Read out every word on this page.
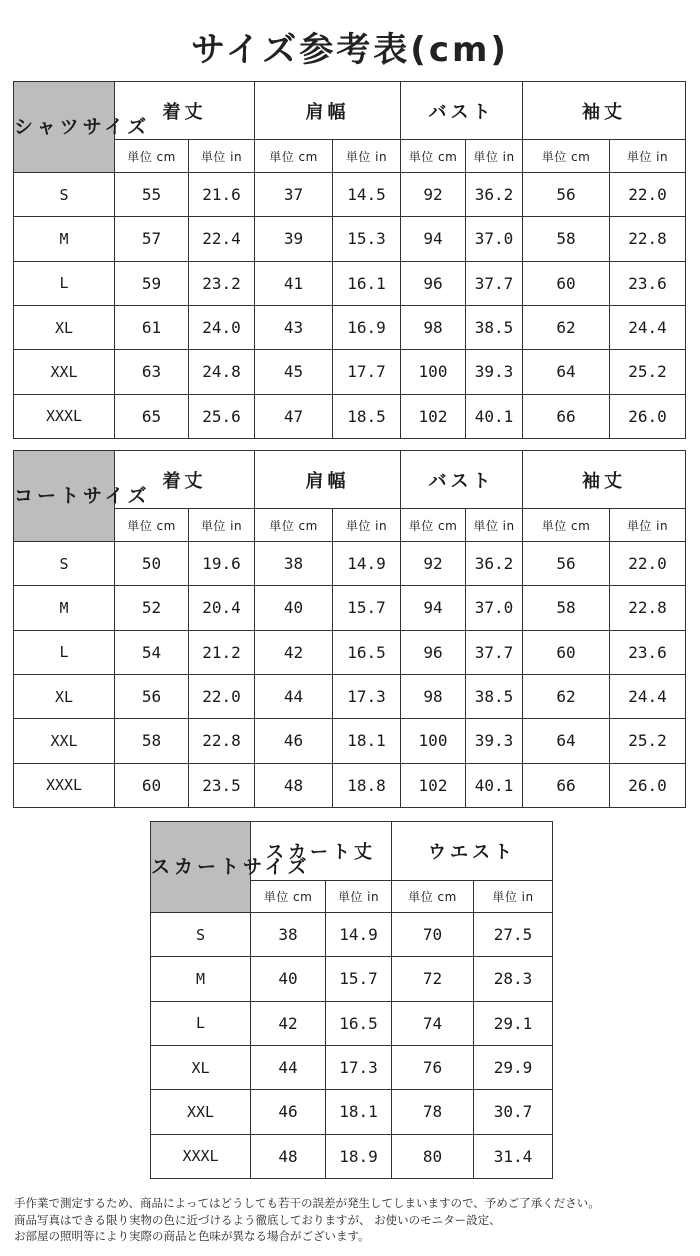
サイズ参考表(cm)
シャツサイズ	着丈		肩幅		バスト		袖丈	
	単位 cm	単位 in	単位 cm	単位 in	単位 cm	単位 in	単位 cm	単位 in
S	55	21.6	37	14.5	92	36.2	56	22.0
M	57	22.4	39	15.3	94	37.0	58	22.8
L	59	23.2	41	16.1	96	37.7	60	23.6
XL	61	24.0	43	16.9	98	38.5	62	24.4
XXL	63	24.8	45	17.7	100	39.3	64	25.2
XXXL	65	25.6	47	18.5	102	40.1	66	26.0
コートサイズ	着丈		肩幅		バスト		袖丈	
	単位 cm	単位 in	単位 cm	単位 in	単位 cm	単位 in	単位 cm	単位 in
S	50	19.6	38	14.9	92	36.2	56	22.0
M	52	20.4	40	15.7	94	37.0	58	22.8
L	54	21.2	42	16.5	96	37.7	60	23.6
XL	56	22.0	44	17.3	98	38.5	62	24.4
XXL	58	22.8	46	18.1	100	39.3	64	25.2
XXXL	60	23.5	48	18.8	102	40.1	66	26.0
スカートサイズ	スカート丈		ウエスト	
	単位 cm	単位 in	単位 cm	単位 in
S	38	14.9	70	27.5
M	40	15.7	72	28.3
L	42	16.5	74	29.1
XL	44	17.3	76	29.9
XXL	46	18.1	78	30.7
XXXL	48	18.9	80	31.4
手作業で測定するため、商品によってはどうしても若干の誤差が発生してしまいますので、予めご了承ください。
商品写真はできる限り実物の色に近づけるよう徹底しておりますが、 お使いのモニター設定、
お部屋の照明等により実際の商品と色味が異なる場合がございます。
